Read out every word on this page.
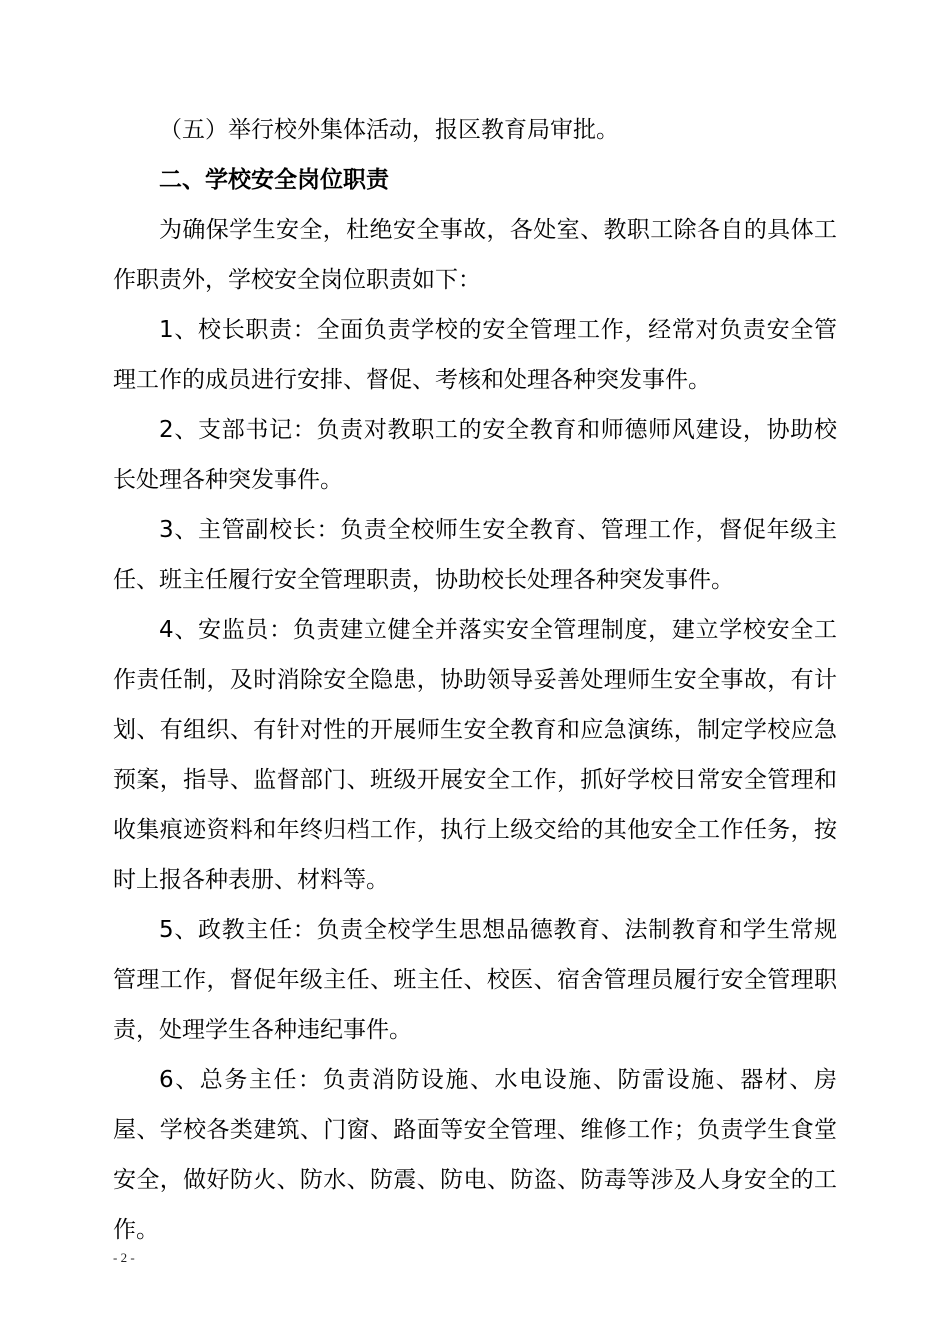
（五）举行校外集体活动，报区教育局审批。

二、学校安全岗位职责

为确保学生安全，杜绝安全事故，各处室、教职工除各自的具体工作职责外，学校安全岗位职责如下：

1、校长职责：全面负责学校的安全管理工作，经常对负责安全管理工作的成员进行安排、督促、考核和处理各种突发事件。

2、支部书记：负责对教职工的安全教育和师德师风建设，协助校长处理各种突发事件。

3、主管副校长：负责全校师生安全教育、管理工作，督促年级主任、班主任履行安全管理职责，协助校长处理各种突发事件。

4、安监员：负责建立健全并落实安全管理制度，建立学校安全工作责任制，及时消除安全隐患，协助领导妥善处理师生安全事故，有计划、有组织、有针对性的开展师生安全教育和应急演练，制定学校应急预案，指导、监督部门、班级开展安全工作，抓好学校日常安全管理和收集痕迹资料和年终归档工作，执行上级交给的其他安全工作任务，按时上报各种表册、材料等。

5、政教主任：负责全校学生思想品德教育、法制教育和学生常规管理工作，督促年级主任、班主任、校医、宿舍管理员履行安全管理职责，处理学生各种违纪事件。

6、总务主任：负责消防设施、水电设施、防雷设施、器材、房屋、学校各类建筑、门窗、路面等安全管理、维修工作；负责学生食堂安全，做好防火、防水、防震、防电、防盗、防毒等涉及人身安全的工作。

- 2 -
